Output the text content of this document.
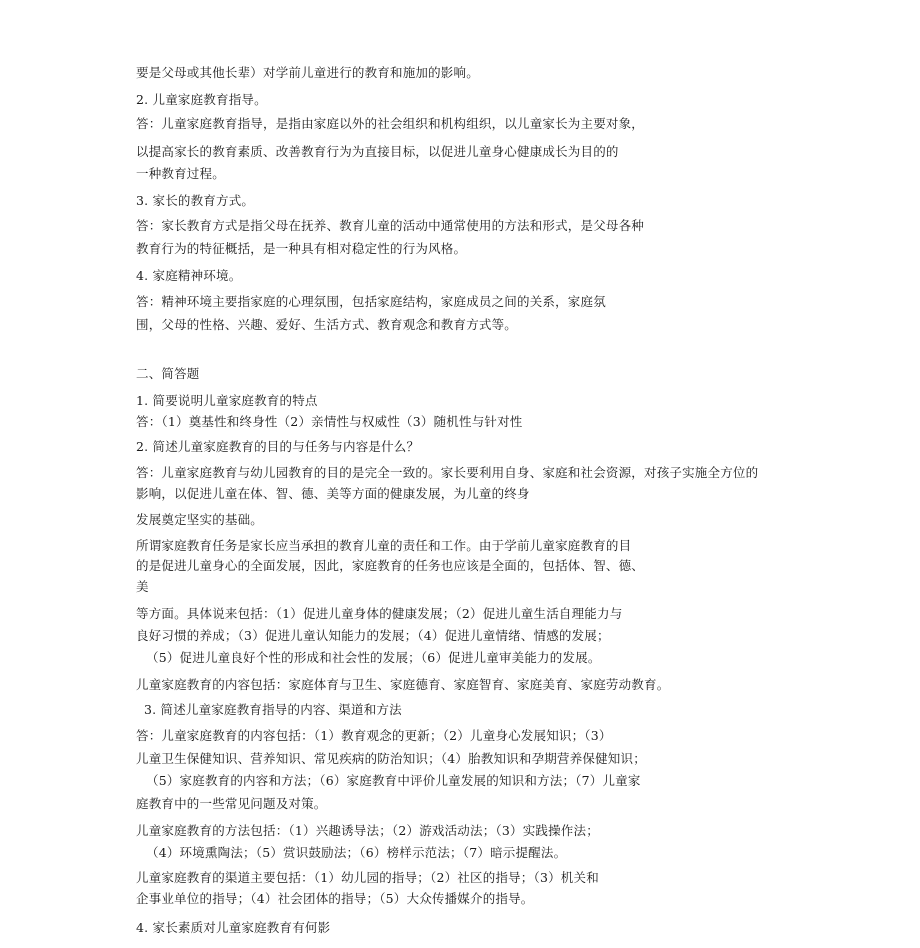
要是父母或其他长辈）对学前儿童进行的教育和施加的影响。
2. 儿童家庭教育指导。
答：儿童家庭教育指导，是指由家庭以外的社会组织和机构组织，以儿童家长为主要对象，
以提高家长的教育素质、改善教育行为为直接目标，以促进儿童身心健康成长为目的的
一种教育过程。
3. 家长的教育方式。
答：家长教育方式是指父母在抚养、教育儿童的活动中通常使用的方法和形式，是父母各种
教育行为的特征概括，是一种具有相对稳定性的行为风格。
4. 家庭精神环境。
答：精神环境主要指家庭的心理氛围，包括家庭结构，家庭成员之间的关系，家庭氛
围，父母的性格、兴趣、爱好、生活方式、教育观念和教育方式等。
二、简答题
1. 简要说明儿童家庭教育的特点
答：（1）奠基性和终身性（2）亲情性与权威性（3）随机性与针对性
2. 简述儿童家庭教育的目的与任务与内容是什么？
答：儿童家庭教育与幼儿园教育的目的是完全一致的。家长要利用自身、家庭和社会资源，对孩子实施全方位的
影响，以促进儿童在体、智、德、美等方面的健康发展，为儿童的终身
发展奠定坚实的基础。
所谓家庭教育任务是家长应当承担的教育儿童的责任和工作。由于学前儿童家庭教育的目
的是促进儿童身心的全面发展，因此，家庭教育的任务也应该是全面的，包括体、智、德、
美
等方面。具体说来包括：（1）促进儿童身体的健康发展；（2）促进儿童生活自理能力与
良好习惯的养成；（3）促进儿童认知能力的发展；（4）促进儿童情绪、情感的发展；
（5）促进儿童良好个性的形成和社会性的发展；（6）促进儿童审美能力的发展。
儿童家庭教育的内容包括：家庭体育与卫生、家庭德育、家庭智育、家庭美育、家庭劳动教育。
3. 简述儿童家庭教育指导的内容、渠道和方法
答：儿童家庭教育的内容包括：（1）教育观念的更新；（2）儿童身心发展知识；（3）
儿童卫生保健知识、营养知识、常见疾病的防治知识；（4）胎教知识和孕期营养保健知识；
（5）家庭教育的内容和方法；（6）家庭教育中评价儿童发展的知识和方法；（7）儿童家
庭教育中的一些常见问题及对策。
儿童家庭教育的方法包括：（1）兴趣诱导法；（2）游戏活动法；（3）实践操作法；
（4）环境熏陶法；（5）赏识鼓励法；（6）榜样示范法；（7）暗示提醒法。
儿童家庭教育的渠道主要包括：（1）幼儿园的指导；（2）社区的指导；（3）机关和
企事业单位的指导；（4）社会团体的指导；（5）大众传播媒介的指导。
4. 家长素质对儿童家庭教育有何影
